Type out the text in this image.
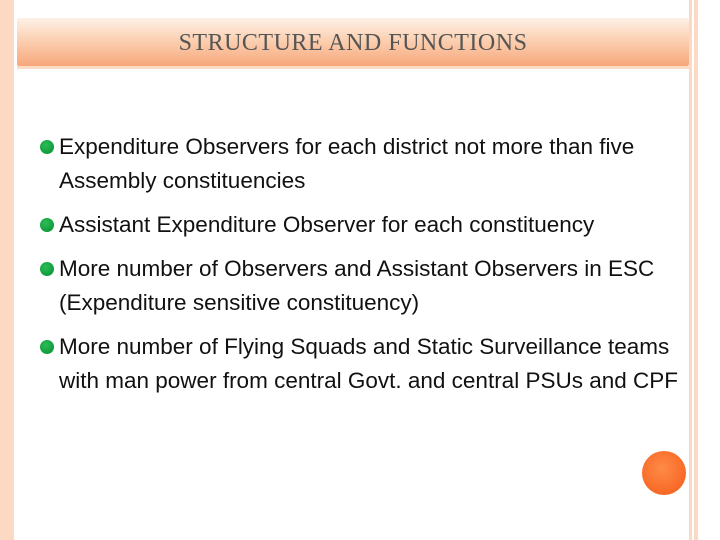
STRUCTURE AND FUNCTIONS
Expenditure Observers for each district not more than five Assembly constituencies
Assistant Expenditure Observer for each constituency
More number of Observers and Assistant Observers in ESC (Expenditure sensitive constituency)
More number of Flying Squads and Static Surveillance teams with man power from central Govt. and central PSUs and CPF
